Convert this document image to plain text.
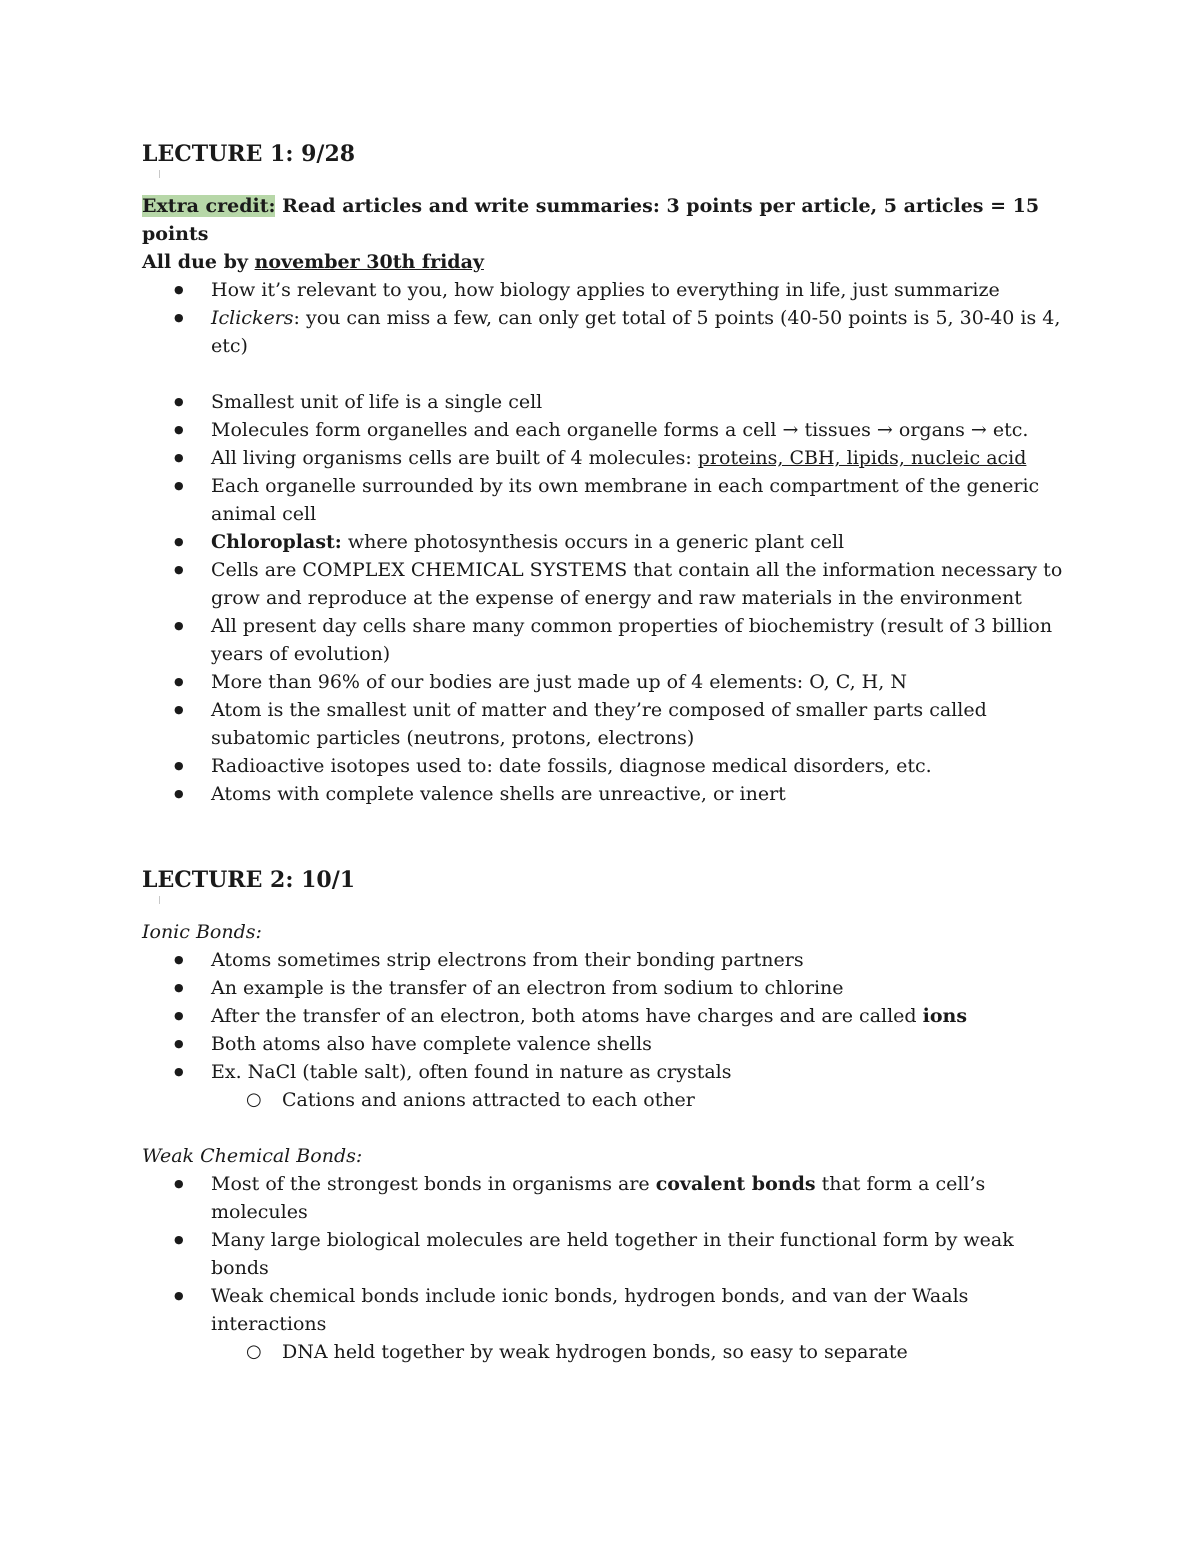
LECTURE 1: 9/28

Extra credit: Read articles and write summaries: 3 points per article, 5 articles = 15 points

All due by november 30th friday

● How it’s relevant to you, how biology applies to everything in life, just summarize
● Iclickers: you can miss a few, can only get total of 5 points (40-50 points is 5, 30-40 is 4, etc)
● Smallest unit of life is a single cell
● Molecules form organelles and each organelle forms a cell → tissues → organs → etc.
● All living organisms cells are built of 4 molecules: proteins, CBH, lipids, nucleic acid
● Each organelle surrounded by its own membrane in each compartment of the generic animal cell
● Chloroplast: where photosynthesis occurs in a generic plant cell
● Cells are COMPLEX CHEMICAL SYSTEMS that contain all the information necessary to grow and reproduce at the expense of energy and raw materials in the environment
● All present day cells share many common properties of biochemistry (result of 3 billion years of evolution)
● More than 96% of our bodies are just made up of 4 elements: O, C, H, N
● Atom is the smallest unit of matter and they’re composed of smaller parts called subatomic particles (neutrons, protons, electrons)
● Radioactive isotopes used to: date fossils, diagnose medical disorders, etc.
● Atoms with complete valence shells are unreactive, or inert
LECTURE 2: 10/1

Ionic Bonds:

● Atoms sometimes strip electrons from their bonding partners
● An example is the transfer of an electron from sodium to chlorine
● After the transfer of an electron, both atoms have charges and are called ions
● Both atoms also have complete valence shells
● Ex. NaCl (table salt), often found in nature as crystals
○ Cations and anions attracted to each other

Weak Chemical Bonds:

● Most of the strongest bonds in organisms are covalent bonds that form a cell’s molecules
● Many large biological molecules are held together in their functional form by weak bonds
● Weak chemical bonds include ionic bonds, hydrogen bonds, and van der Waals interactions
○ DNA held together by weak hydrogen bonds, so easy to separate
